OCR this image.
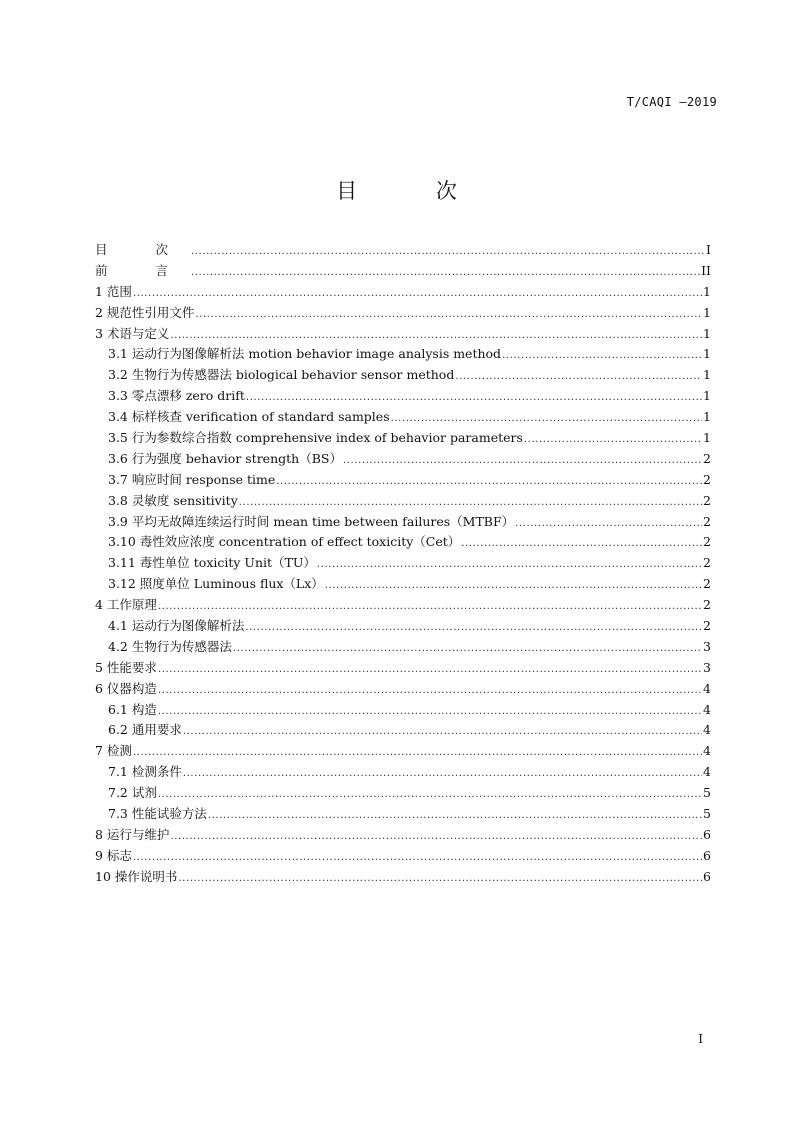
T/CAQI —2019
目 次
目 次 .....	I
前 言 .....	II
1 范围 .....	1
2 规范性引用文件 .....	1
3 术语与定义 .....	1
3.1 运动行为图像解析法 motion behavior image analysis method .....	1
3.2 生物行为传感器法 biological behavior sensor method .....	1
3.3 零点漂移 zero drift .....	1
3.4 标样核查 verification of standard samples .....	1
3.5 行为参数综合指数 comprehensive index of behavior parameters .....	1
3.6 行为强度 behavior strength（BS） .....	2
3.7 响应时间 response time .....	2
3.8 灵敏度 sensitivity .....	2
3.9 平均无故障连续运行时间 mean time between failures（MTBF） .....	2
3.10 毒性效应浓度 concentration of effect toxicity（Cet） .....	2
3.11 毒性单位 toxicity Unit（TU） .....	2
3.12 照度单位 Luminous flux（Lx） .....	2
4 工作原理 .....	2
4.1 运动行为图像解析法 .....	2
4.2 生物行为传感器法 .....	3
5 性能要求 .....	3
6 仪器构造 .....	4
6.1 构造 .....	4
6.2 通用要求 .....	4
7 检测 .....	4
7.1 检测条件 .....	4
7.2 试剂 .....	5
7.3 性能试验方法 .....	5
8 运行与维护 .....	6
9 标志 .....	6
10 操作说明书 .....	6
I
